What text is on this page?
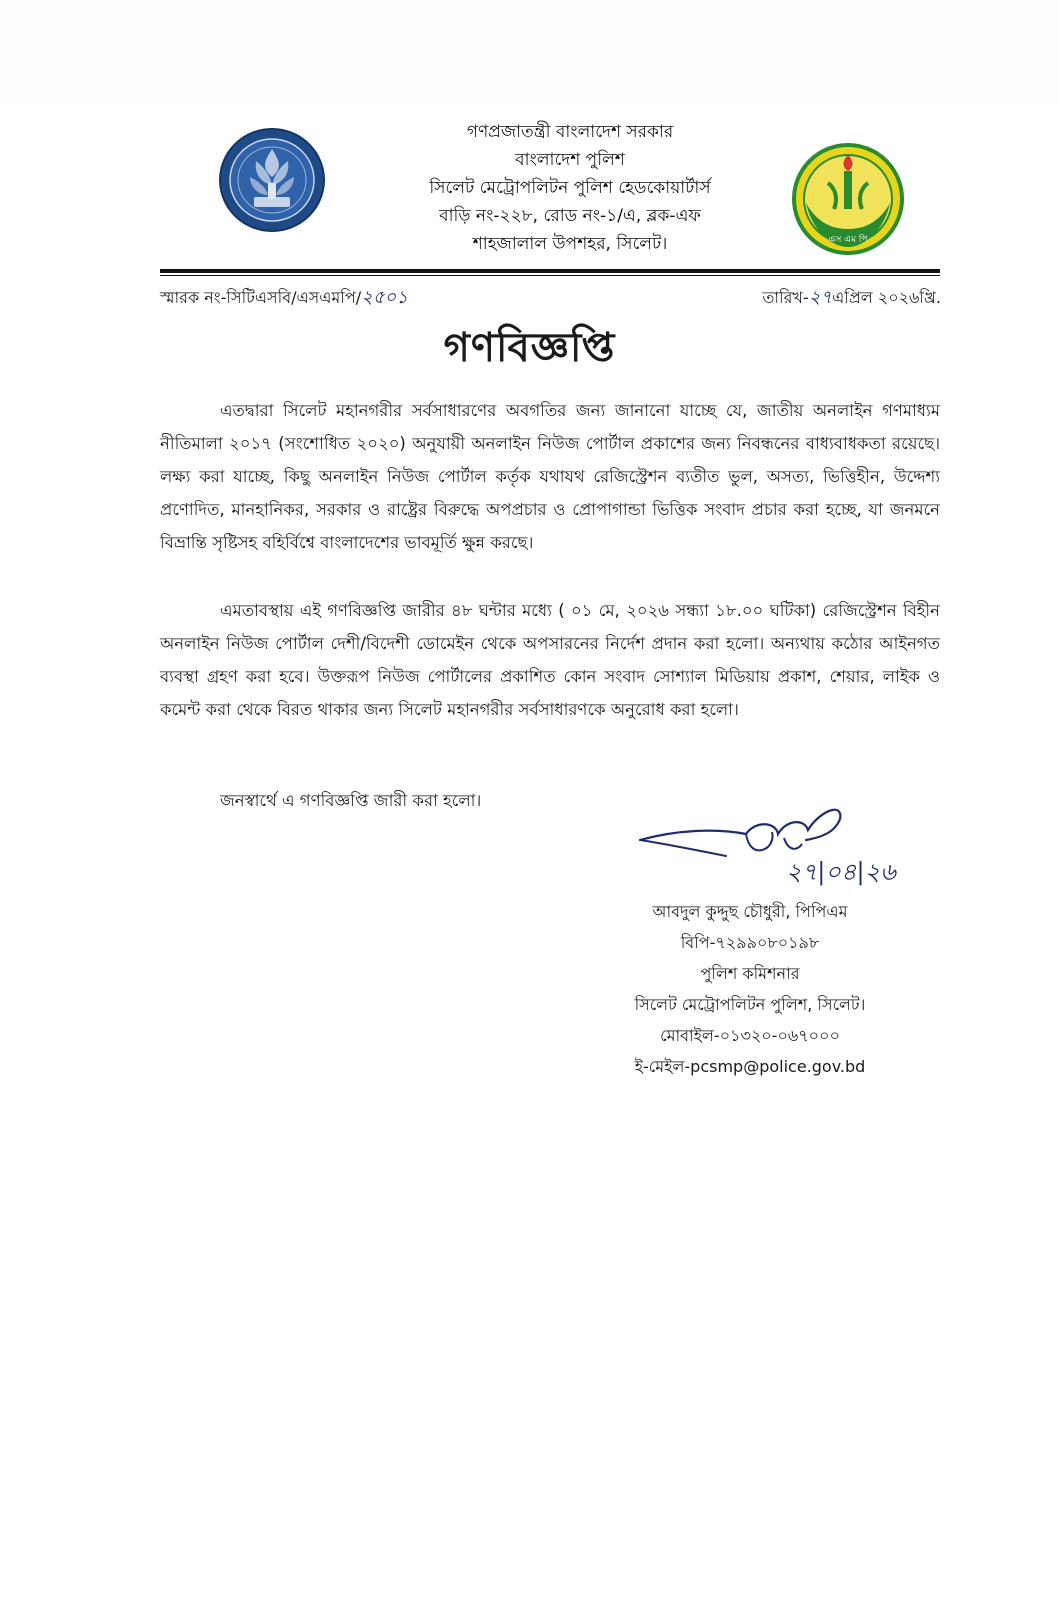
গণপ্রজাতন্ত্রী বাংলাদেশ সরকার
বাংলাদেশ পুলিশ
সিলেট মেট্রোপলিটন পুলিশ হেডকোয়ার্টার্স
বাড়ি নং-২২৮, রোড নং-১/এ, ব্লক-এফ
শাহজালাল উপশহর, সিলেট।	এস এম পি
স্মারক নং-সিটিএসবি/এসএমপি/২৫০১	তারিখ-২৭এপ্রিল ২০২৬খ্রি.
গণবিজ্ঞপ্তি
এতদ্বারা সিলেট মহানগরীর সর্বসাধারণের অবগতির জন্য জানানো যাচ্ছে যে, জাতীয় অনলাইন গণমাধ্যম নীতিমালা ২০১৭ (সংশোধিত ২০২০) অনুযায়ী অনলাইন নিউজ পোর্টাল প্রকাশের জন্য নিবন্ধনের বাধ্যবাধকতা রয়েছে। লক্ষ্য করা যাচ্ছে, কিছু অনলাইন নিউজ পোর্টাল কর্তৃক যথাযথ রেজিস্ট্রেশন ব্যতীত ভুল, অসত্য, ভিত্তিহীন, উদ্দেশ্য প্রণোদিত, মানহানিকর, সরকার ও রাষ্ট্রের বিরুদ্ধে অপপ্রচার ও প্রোপাগান্ডা ভিত্তিক সংবাদ প্রচার করা হচ্ছে, যা জনমনে বিভ্রান্তি সৃষ্টিসহ বহির্বিশ্বে বাংলাদেশের ভাবমূর্তি ক্ষুন্ন করছে।
এমতাবস্থায় এই গণবিজ্ঞপ্তি জারীর ৪৮ ঘন্টার মধ্যে ( ০১ মে, ২০২৬ সন্ধ্যা ১৮.০০ ঘটিকা) রেজিস্ট্রেশন বিহীন অনলাইন নিউজ পোর্টাল দেশী/বিদেশী ডোমেইন থেকে অপসারনের নির্দেশ প্রদান করা হলো। অন্যথায় কঠোর আইনগত ব্যবস্থা গ্রহণ করা হবে। উক্তরূপ নিউজ পোর্টালের প্রকাশিত কোন সংবাদ সোশ্যাল মিডিয়ায় প্রকাশ, শেয়ার, লাইক ও কমেন্ট করা থেকে বিরত থাকার জন্য সিলেট মহানগরীর সর্বসাধারণকে অনুরোধ করা হলো।
জনস্বার্থে এ গণবিজ্ঞপ্তি জারী করা হলো।
২৭|০৪|২৬
আবদুল কুদ্দুছ চৌধুরী, পিপিএম
বিপি-৭২৯৯০৮০১৯৮
পুলিশ কমিশনার
সিলেট মেট্রোপলিটন পুলিশ, সিলেট।
মোবাইল-০১৩২০-০৬৭০০০
ই-মেইল-pcsmp@police.gov.bd
